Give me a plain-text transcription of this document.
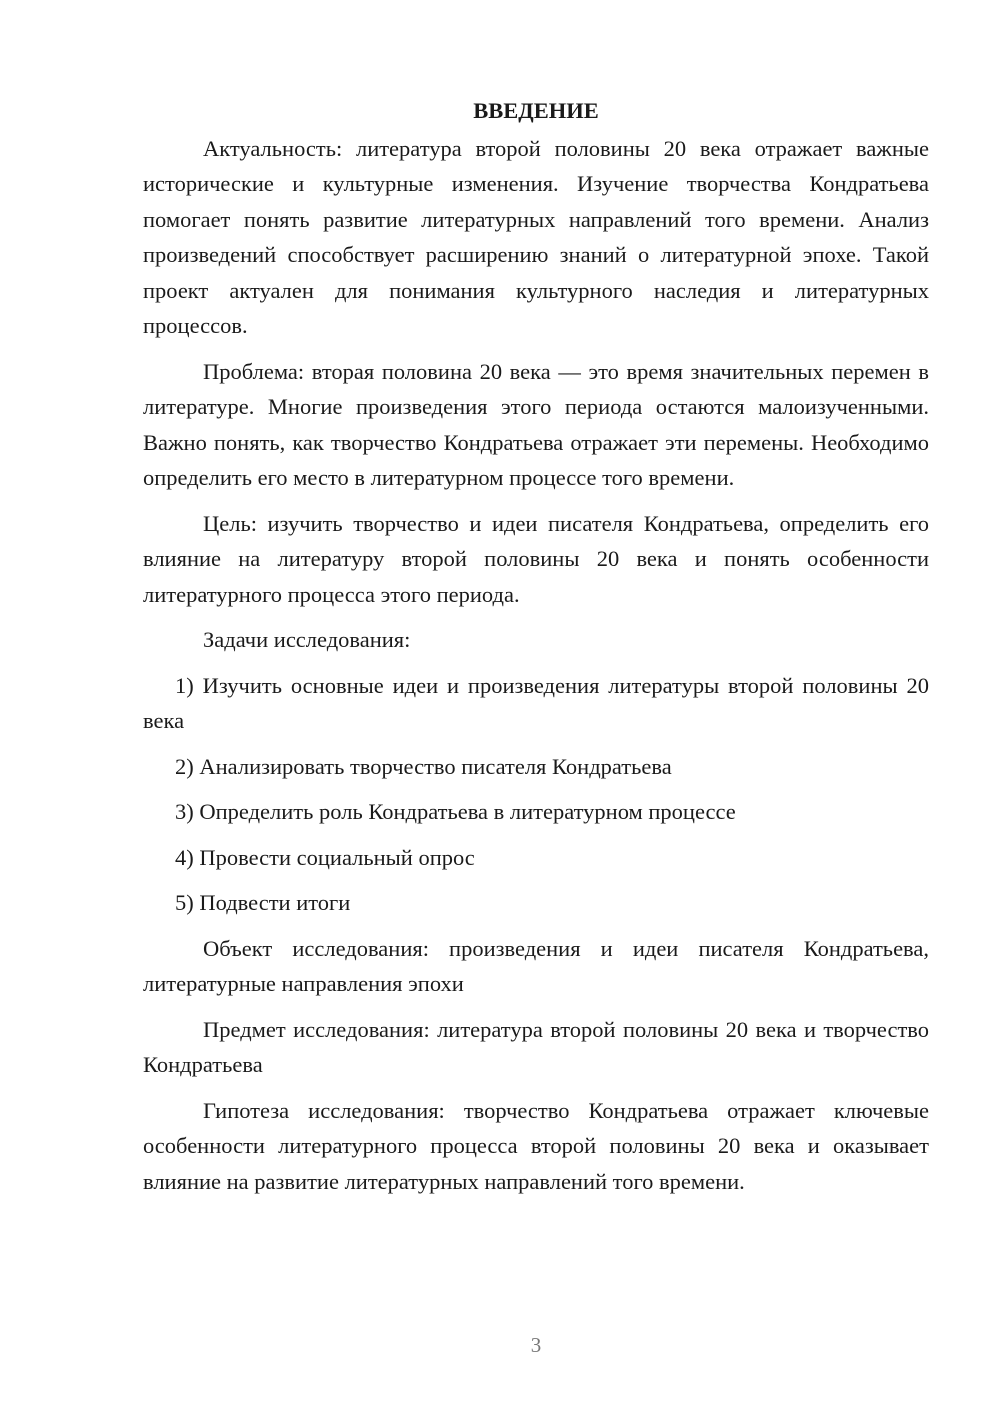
ВВЕДЕНИЕ

Актуальность: литература второй половины 20 века отражает важные исторические и культурные изменения. Изучение творчества Кондратьева помогает понять развитие литературных направлений того времени. Анализ произведений способствует расширению знаний о литературной эпохе. Такой проект актуален для понимания культурного наследия и литературных процессов.

Проблема: вторая половина 20 века — это время значительных перемен в литературе. Многие произведения этого периода остаются малоизученными. Важно понять, как творчество Кондратьева отражает эти перемены. Необходимо определить его место в литературном процессе того времени.

Цель: изучить творчество и идеи писателя Кондратьева, определить его влияние на литературу второй половины 20 века и понять особенности литературного процесса этого периода.

Задачи исследования:

1) Изучить основные идеи и произведения литературы второй половины 20 века

2) Анализировать творчество писателя Кондратьева

3) Определить роль Кондратьева в литературном процессе

4) Провести социальный опрос

5) Подвести итоги

Объект исследования: произведения и идеи писателя Кондратьева, литературные направления эпохи

Предмет исследования: литература второй половины 20 века и творчество Кондратьева

Гипотеза исследования: творчество Кондратьева отражает ключевые особенности литературного процесса второй половины 20 века и оказывает влияние на развитие литературных направлений того времени.

3
